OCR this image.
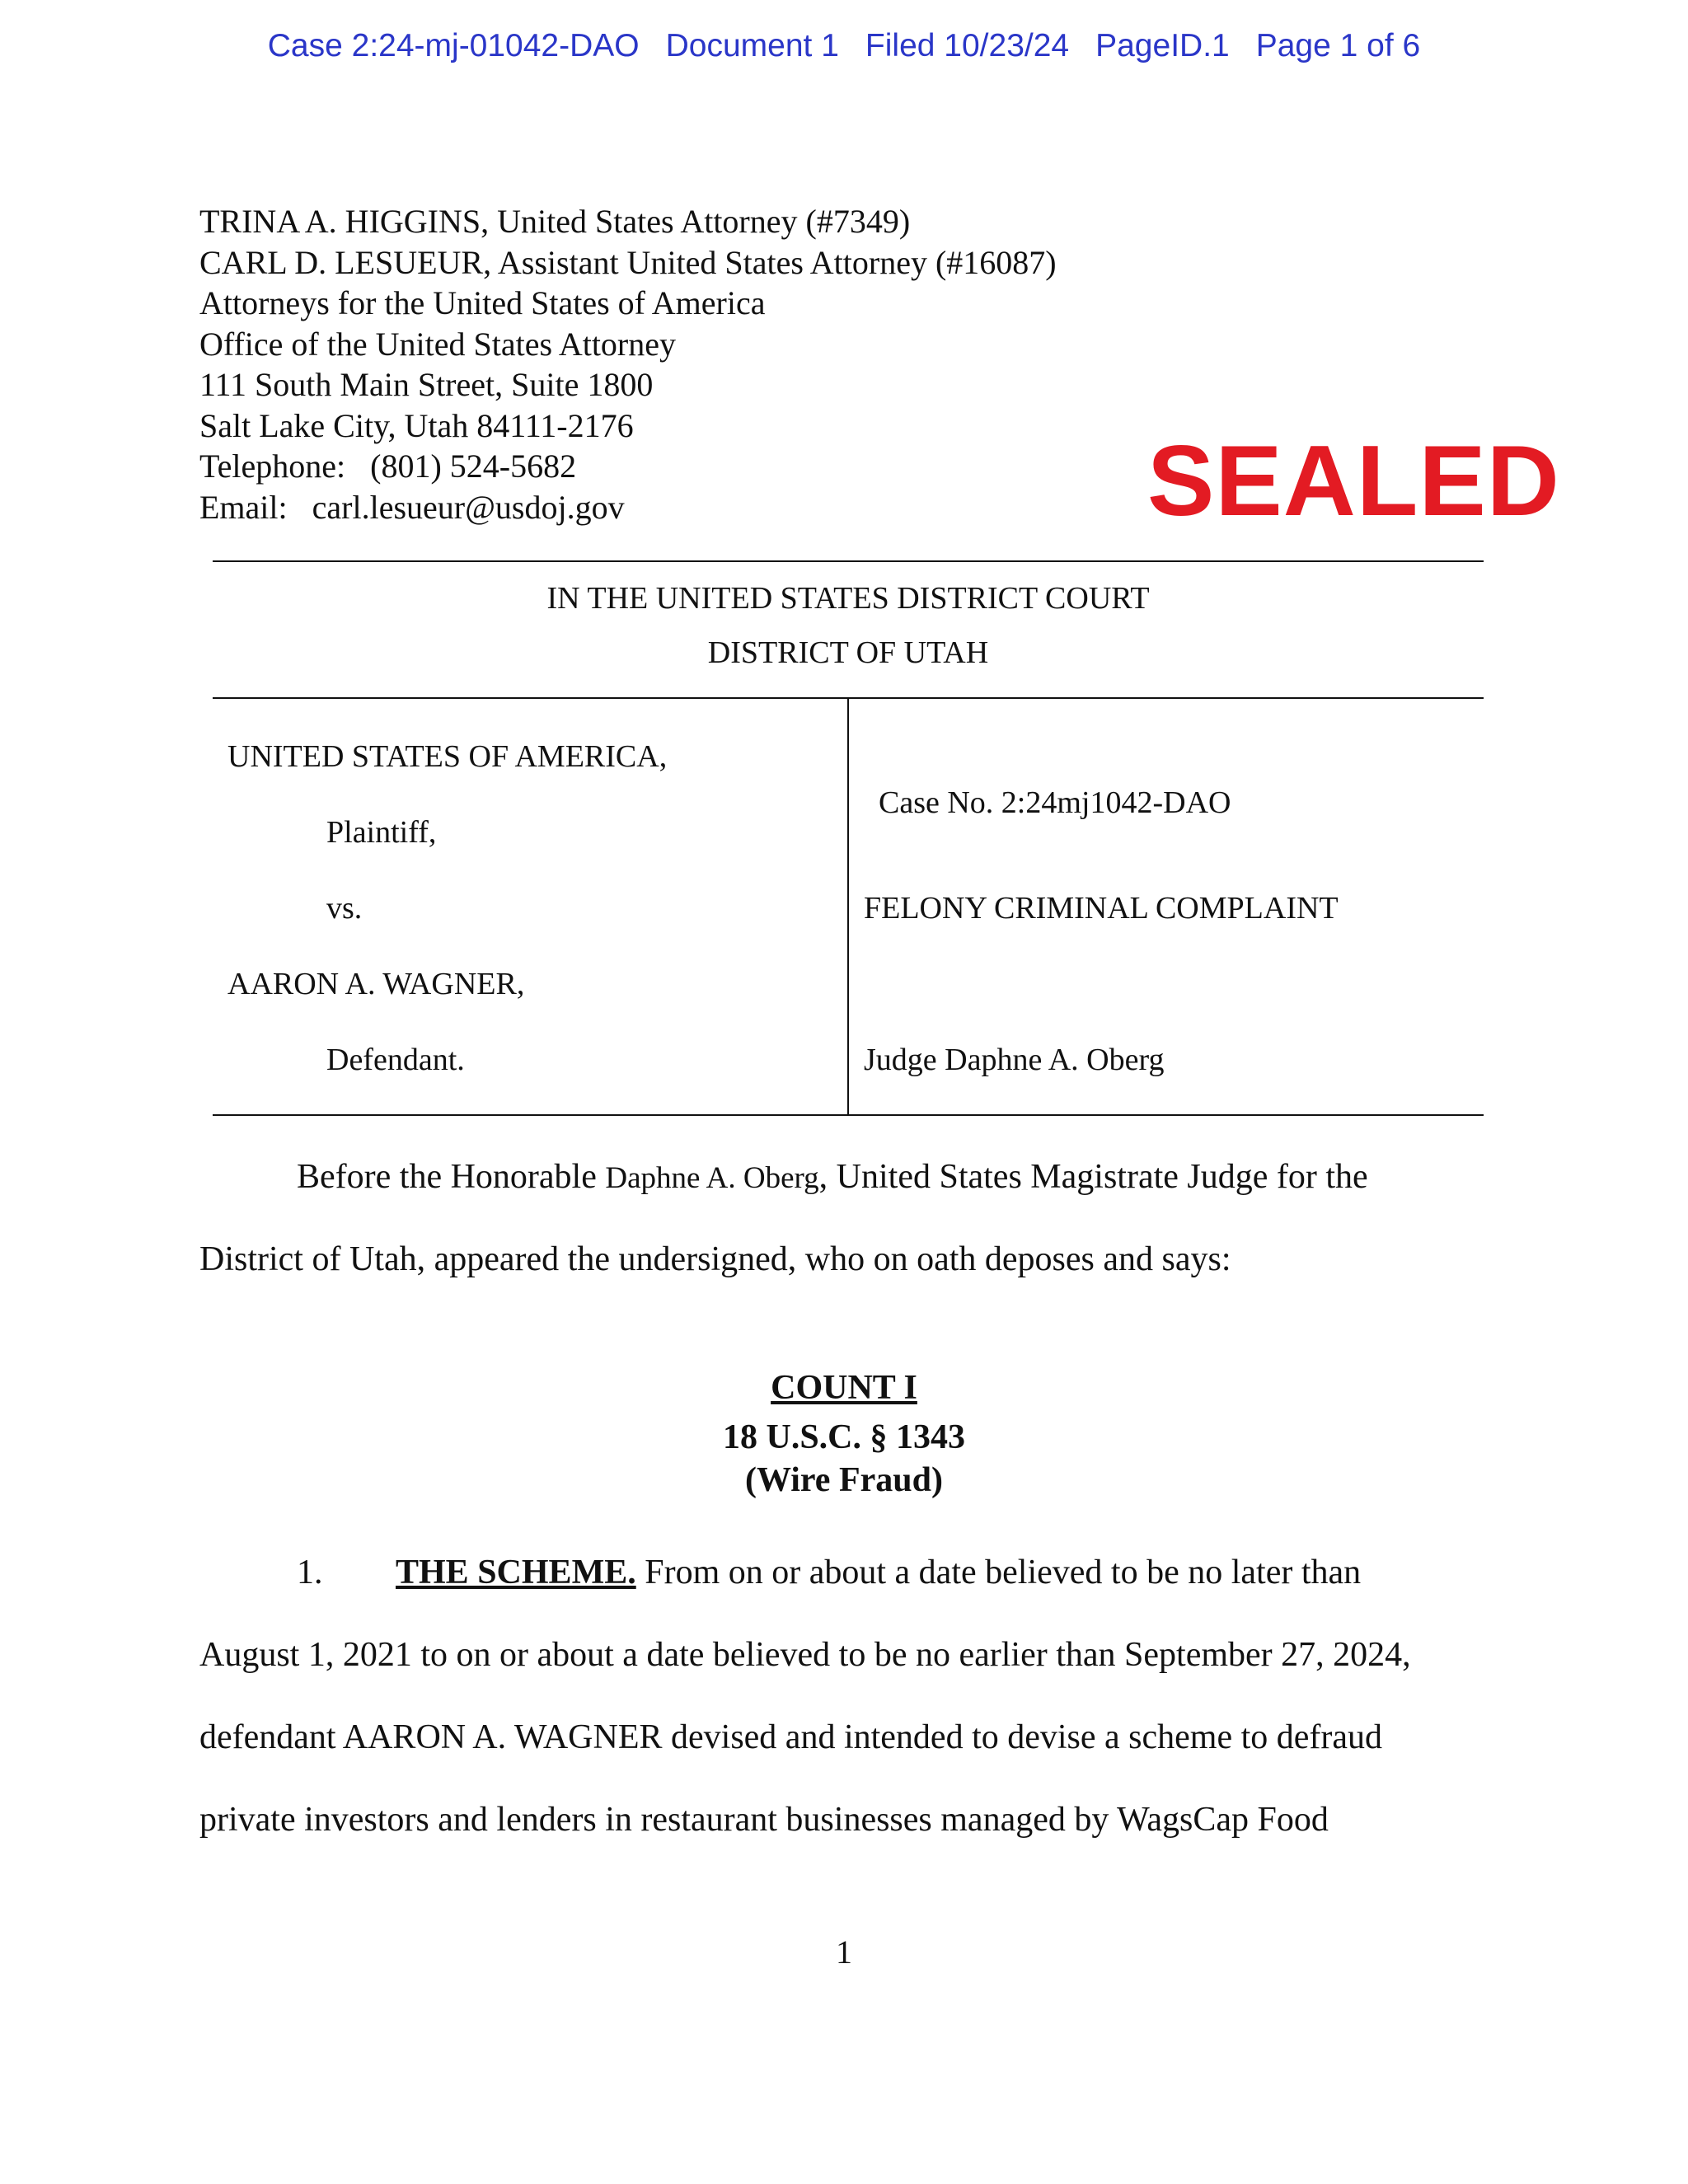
Case 2:24-mj-01042-DAO Document 1 Filed 10/23/24 PageID.1 Page 1 of 6
TRINA A. HIGGINS, United States Attorney (#7349)
CARL D. LESUEUR, Assistant United States Attorney (#16087)
Attorneys for the United States of America
Office of the United States Attorney
111 South Main Street, Suite 1800
Salt Lake City, Utah 84111-2176
Telephone:   (801) 524-5682
Email:   carl.lesueur@usdoj.gov	SEALED
IN THE UNITED STATES DISTRICT COURT
DISTRICT OF UTAH
UNITED STATES OF AMERICA,
Plaintiff,
vs.
AARON A. WAGNER,
Defendant.
Case No. 2:24mj1042-DAO
FELONY CRIMINAL COMPLAINT
Judge Daphne A. Oberg
Before the Honorable Daphne A. Oberg, United States Magistrate Judge for the
District of Utah, appeared the undersigned, who on oath deposes and says:
COUNT I
18 U.S.C. § 1343
(Wire Fraud)
1. THE SCHEME. From on or about a date believed to be no later than
August 1, 2021 to on or about a date believed to be no earlier than September 27, 2024,
defendant AARON A. WAGNER devised and intended to devise a scheme to defraud
private investors and lenders in restaurant businesses managed by WagsCap Food
1
